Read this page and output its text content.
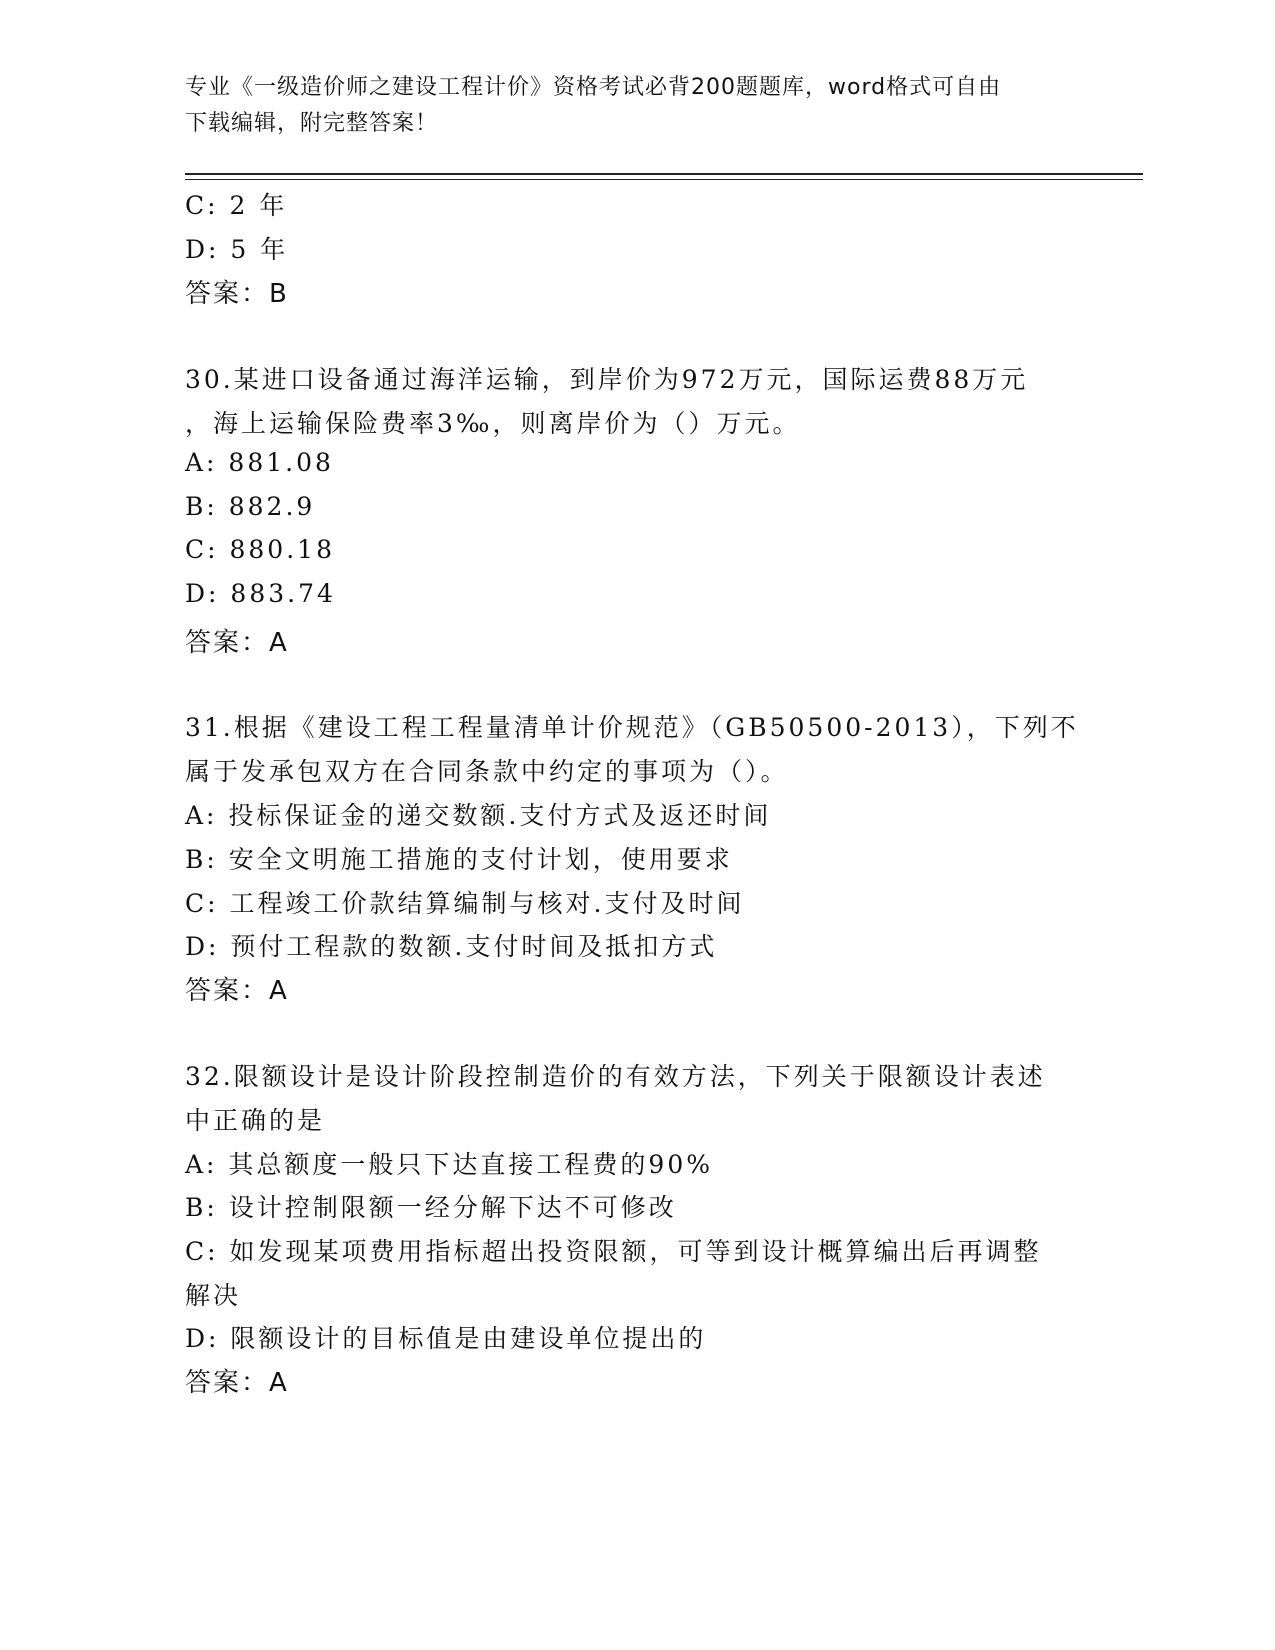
专业《一级造价师之建设工程计价》资格考试必背200题题库，word格式可自由
下载编辑，附完整答案！
C: 2 年
D: 5 年
答案：B
30.某进口设备通过海洋运输，到岸价为972万元，国际运费88万元
，海上运输保险费率3‰，则离岸价为（）万元。
A: 881.08
B: 882.9
C: 880.18
D: 883.74
答案：A
31.根据《建设工程工程量清单计价规范》（GB50500-2013），下列不
属于发承包双方在合同条款中约定的事项为（）。
A: 投标保证金的递交数额.支付方式及返还时间
B: 安全文明施工措施的支付计划，使用要求
C: 工程竣工价款结算编制与核对.支付及时间
D: 预付工程款的数额.支付时间及抵扣方式
答案：A
32.限额设计是设计阶段控制造价的有效方法，下列关于限额设计表述
中正确的是
A: 其总额度一般只下达直接工程费的90%
B: 设计控制限额一经分解下达不可修改
C: 如发现某项费用指标超出投资限额，可等到设计概算编出后再调整
解决
D: 限额设计的目标值是由建设单位提出的
答案：A
